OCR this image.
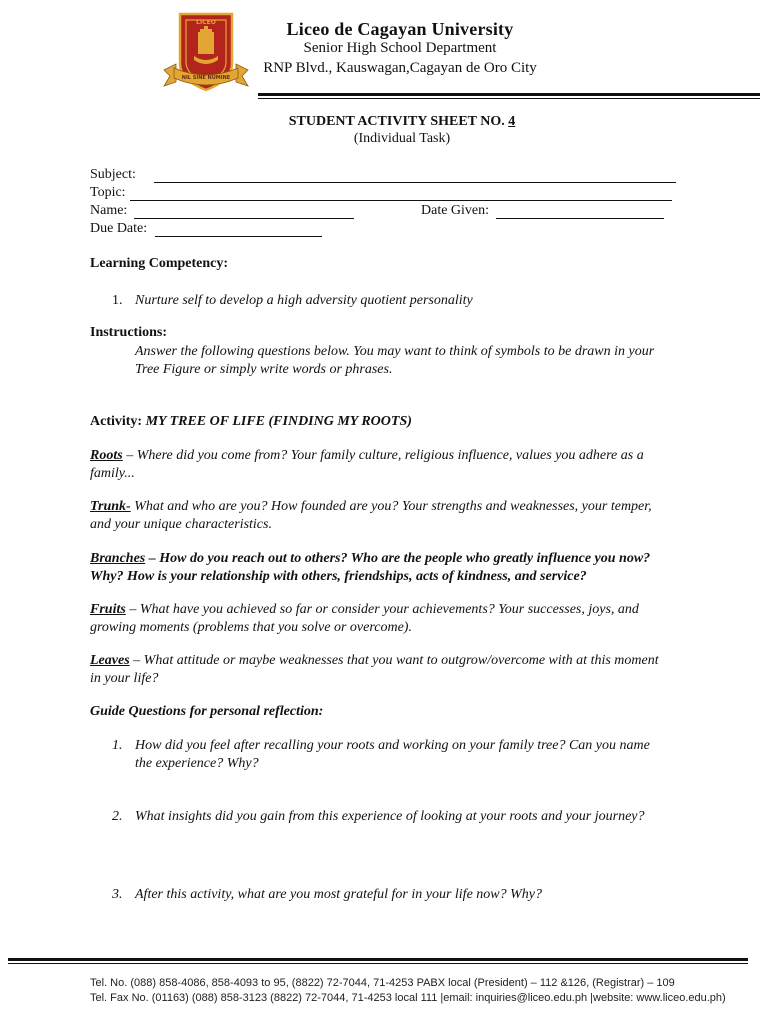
LICEO
NIL SINE NUMINE
Liceo de Cagayan University
Senior High School Department
RNP Blvd., Kauswagan,Cagayan de Oro City
STUDENT ACTIVITY SHEET NO. 4
(Individual Task)
Subject:
Topic:
Name:	Date Given:
Due Date:
Learning Competency:
1. Nurture self to develop a high adversity quotient personality
Instructions:
Answer the following questions below. You may want to think of symbols to be drawn in your
Tree Figure or simply write words or phrases.
Activity: MY TREE OF LIFE (FINDING MY ROOTS)
Roots – Where did you come from? Your family culture, religious influence, values you adhere as a
family...
Trunk- What and who are you? How founded are you? Your strengths and weaknesses, your temper,
and your unique characteristics.
Branches – How do you reach out to others? Who are the people who greatly influence you now?
Why? How is your relationship with others, friendships, acts of kindness, and service?
Fruits – What have you achieved so far or consider your achievements? Your successes, joys, and
growing moments (problems that you solve or overcome).
Leaves – What attitude or maybe weaknesses that you want to outgrow/overcome with at this moment
in your life?
Guide Questions for personal reflection:
1. How did you feel after recalling your roots and working on your family tree? Can you name
the experience? Why?
2. What insights did you gain from this experience of looking at your roots and your journey?
3. After this activity, what are you most grateful for in your life now? Why?
Tel. No. (088) 858-4086, 858-4093 to 95, (8822) 72-7044, 71-4253 PABX local (President) – 112 &126, (Registrar) – 109
Tel. Fax No. (01163) (088) 858-3123 (8822) 72-7044, 71-4253 local 111 |email: inquiries@liceo.edu.ph |website: www.liceo.edu.ph)
